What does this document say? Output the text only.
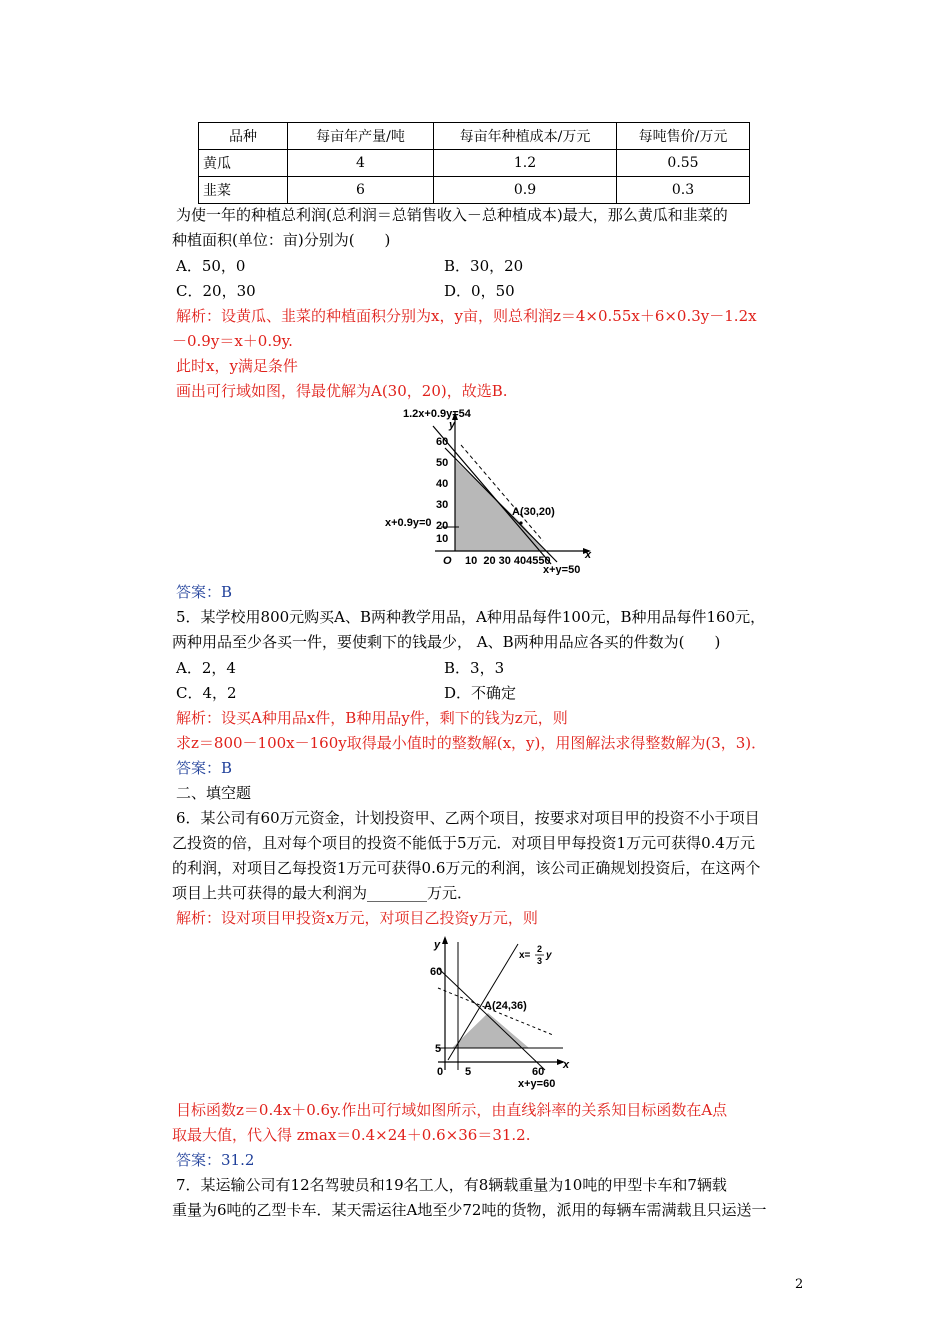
品种	每亩年产量/吨	每亩年种植成本/万元	每吨售价/万元
黄瓜	4	1.2	0.55
韭菜	6	0.9	0.3
为使一年的种植总利润(总利润＝总销售收入－总种植成本)最大，那么黄瓜和韭菜的
种植面积(单位：亩)分别为(　　)
A．50，0	B．30，20
C．20，30	D．0，50
解析：设黄瓜、韭菜的种植面积分别为x，y亩，则总利润z＝4×0.55x＋6×0.3y－1.2x
－0.9y＝x＋0.9y.
此时x，y满足条件
画出可行域如图，得最优解为A(30，20)，故选B.
1.2x+0.9y=54
y
60
50
40
30
20
10
x+0.9y=0
A(30,20)
O 10  20 30 404550	x
x+y=50
答案：B
5．某学校用800元购买A、B两种教学用品，A种用品每件100元，B种用品每件160元，
两种用品至少各买一件，要使剩下的钱最少， A、B两种用品应各买的件数为(　　)
A．2，4	B．3，3
C．4，2	D．不确定
解析：设买A种用品x件，B种用品y件，剩下的钱为z元，则
求z＝800－100x－160y取得最小值时的整数解(x，y)，用图解法求得整数解为(3，3)．
答案：B
二、填空题
6．某公司有60万元资金，计划投资甲、乙两个项目，按要求对项目甲的投资不小于项目
乙投资的倍，且对每个项目的投资不能低于5万元．对项目甲每投资1万元可获得0.4万元
的利润，对项目乙每投资1万元可获得0.6万元的利润，该公司正确规划投资后，在这两个
项目上共可获得的最大利润为________万元．
解析：设对项目甲投资x万元，对项目乙投资y万元，则
y
60
5
0 5	60
x
x+y=60
x=
2
3 y
A(24,36)
目标函数z＝0.4x＋0.6y.作出可行域如图所示，由直线斜率的关系知目标函数在A点
取最大值，代入得 zmax＝0.4×24＋0.6×36＝31.2.
答案：31.2
7．某运输公司有12名驾驶员和19名工人，有8辆载重量为10吨的甲型卡车和7辆载
重量为6吨的乙型卡车．某天需运往A地至少72吨的货物，派用的每辆车需满载且只运送一
2
